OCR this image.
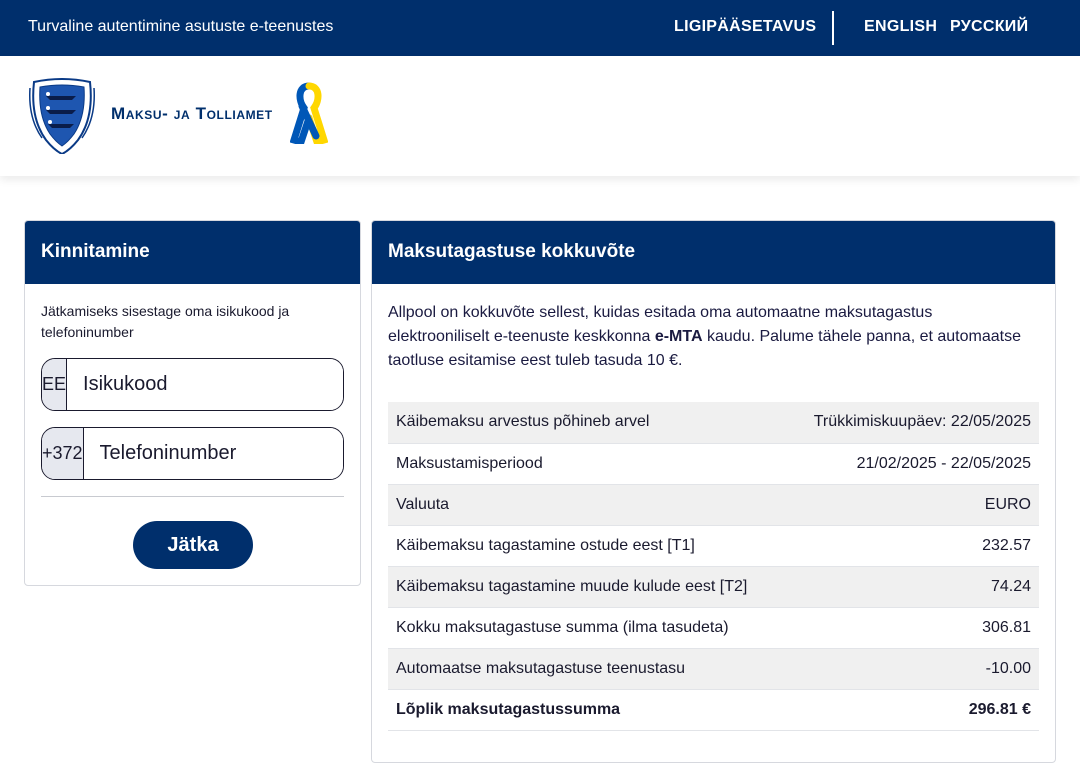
Turvaline autentimine asutuste e-teenustes	LIGIPÄÄSETAVUS	ENGLISH РУССКИЙ
Maksu- ja Tolliamet
Kinnitamine
Jätkamiseks sisestage oma isikukood ja telefoninumber
EE
Isikukood
+372
Telefoninumber
Jätka
Maksutagastuse kokkuvõte
Allpool on kokkuvõte sellest, kuidas esitada oma automaatne maksutagastus elektrooniliselt e-teenuste keskkonna e-MTA kaudu. Palume tähele panna, et automaatse taotluse esitamise eest tuleb tasuda 10 €.
Käibemaksu arvestus põhineb arvel	Trükkimiskuupäev: 22/05/2025
Maksustamisperiood	21/02/2025 - 22/05/2025
Valuuta	EURO
Käibemaksu tagastamine ostude eest [T1]	232.57
Käibemaksu tagastamine muude kulude eest [T2]	74.24
Kokku maksutagastuse summa (ilma tasudeta)	306.81
Automaatse maksutagastuse teenustasu	-10.00
Lõplik maksutagastussumma	296.81 €
